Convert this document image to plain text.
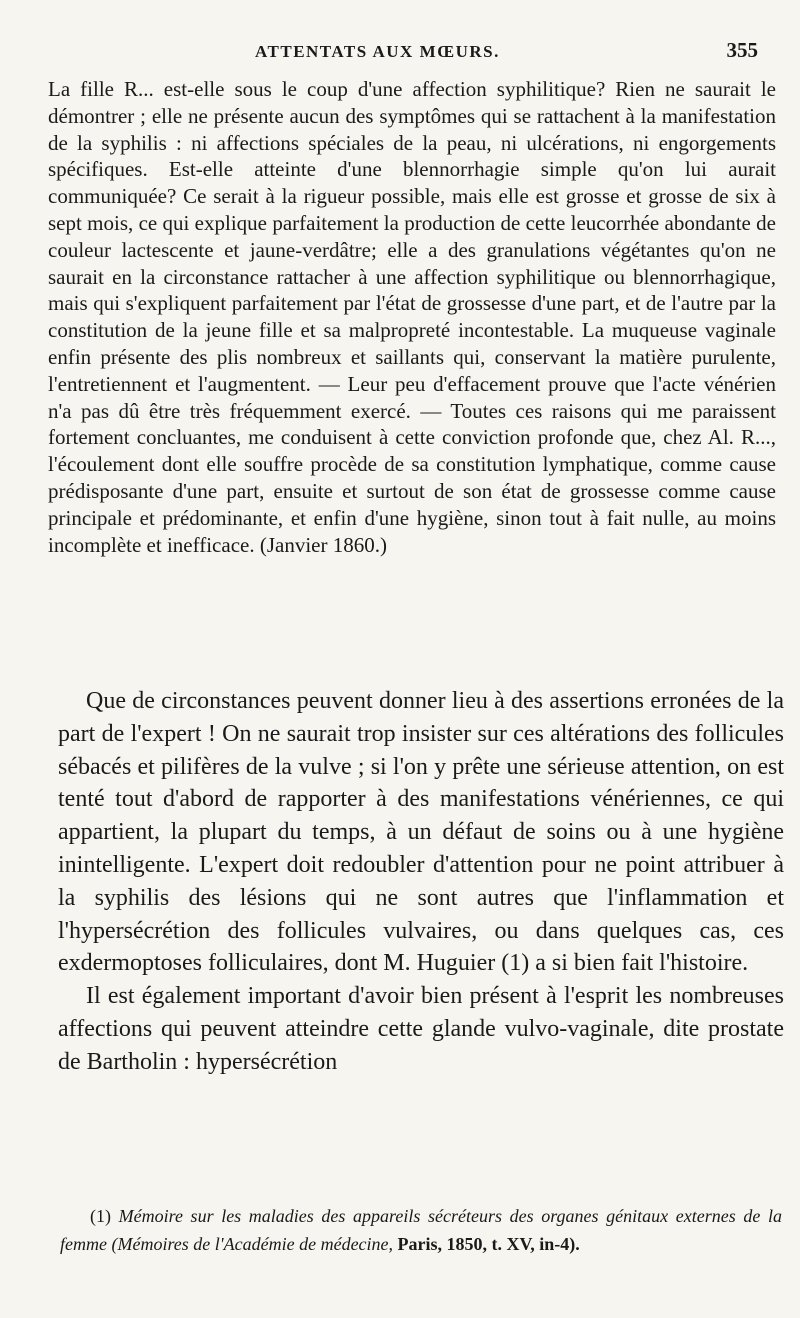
ATTENTATS AUX MŒURS.	355

La fille R... est-elle sous le coup d'une affection syphilitique? Rien ne saurait le démontrer ; elle ne présente aucun des symptômes qui se rattachent à la manifestation de la syphilis : ni affections spéciales de la peau, ni ulcérations, ni engorgements spécifiques. Est-elle atteinte d'une blennorrhagie simple qu'on lui aurait communiquée? Ce serait à la rigueur possible, mais elle est grosse et grosse de six à sept mois, ce qui explique parfaitement la production de cette leucorrhée abondante de couleur lactescente et jaune-verdâtre; elle a des granulations végétantes qu'on ne saurait en la circonstance rattacher à une affection syphilitique ou blennorrhagique, mais qui s'expliquent parfaitement par l'état de grossesse d'une part, et de l'autre par la constitution de la jeune fille et sa malpropreté incontestable. La muqueuse vaginale enfin présente des plis nombreux et saillants qui, conservant la matière purulente, l'entretiennent et l'augmentent. — Leur peu d'effacement prouve que l'acte vénérien n'a pas dû être très fréquemment exercé. — Toutes ces raisons qui me paraissent fortement concluantes, me conduisent à cette conviction profonde que, chez Al. R..., l'écoulement dont elle souffre procède de sa constitution lymphatique, comme cause prédisposante d'une part, ensuite et surtout de son état de grossesse comme cause principale et prédominante, et enfin d'une hygiène, sinon tout à fait nulle, au moins incomplète et inefficace. (Janvier 1860.)

Que de circonstances peuvent donner lieu à des assertions erronées de la part de l'expert ! On ne saurait trop insister sur ces altérations des follicules sébacés et pilifères de la vulve ; si l'on y prête une sérieuse attention, on est tenté tout d'abord de rapporter à des manifestations vénériennes, ce qui appartient, la plupart du temps, à un défaut de soins ou à une hygiène inintelligente. L'expert doit redoubler d'attention pour ne point attribuer à la syphilis des lésions qui ne sont autres que l'inflammation et l'hypersécrétion des follicules vulvaires, ou dans quelques cas, ces exdermoptoses folliculaires, dont M. Huguier (1) a si bien fait l'histoire.

Il est également important d'avoir bien présent à l'esprit les nombreuses affections qui peuvent atteindre cette glande vulvo-vaginale, dite prostate de Bartholin : hypersécrétion

(1) Mémoire sur les maladies des appareils sécréteurs des organes génitaux externes de la femme (Mémoires de l'Académie de médecine, Paris, 1850, t. XV, in-4).
